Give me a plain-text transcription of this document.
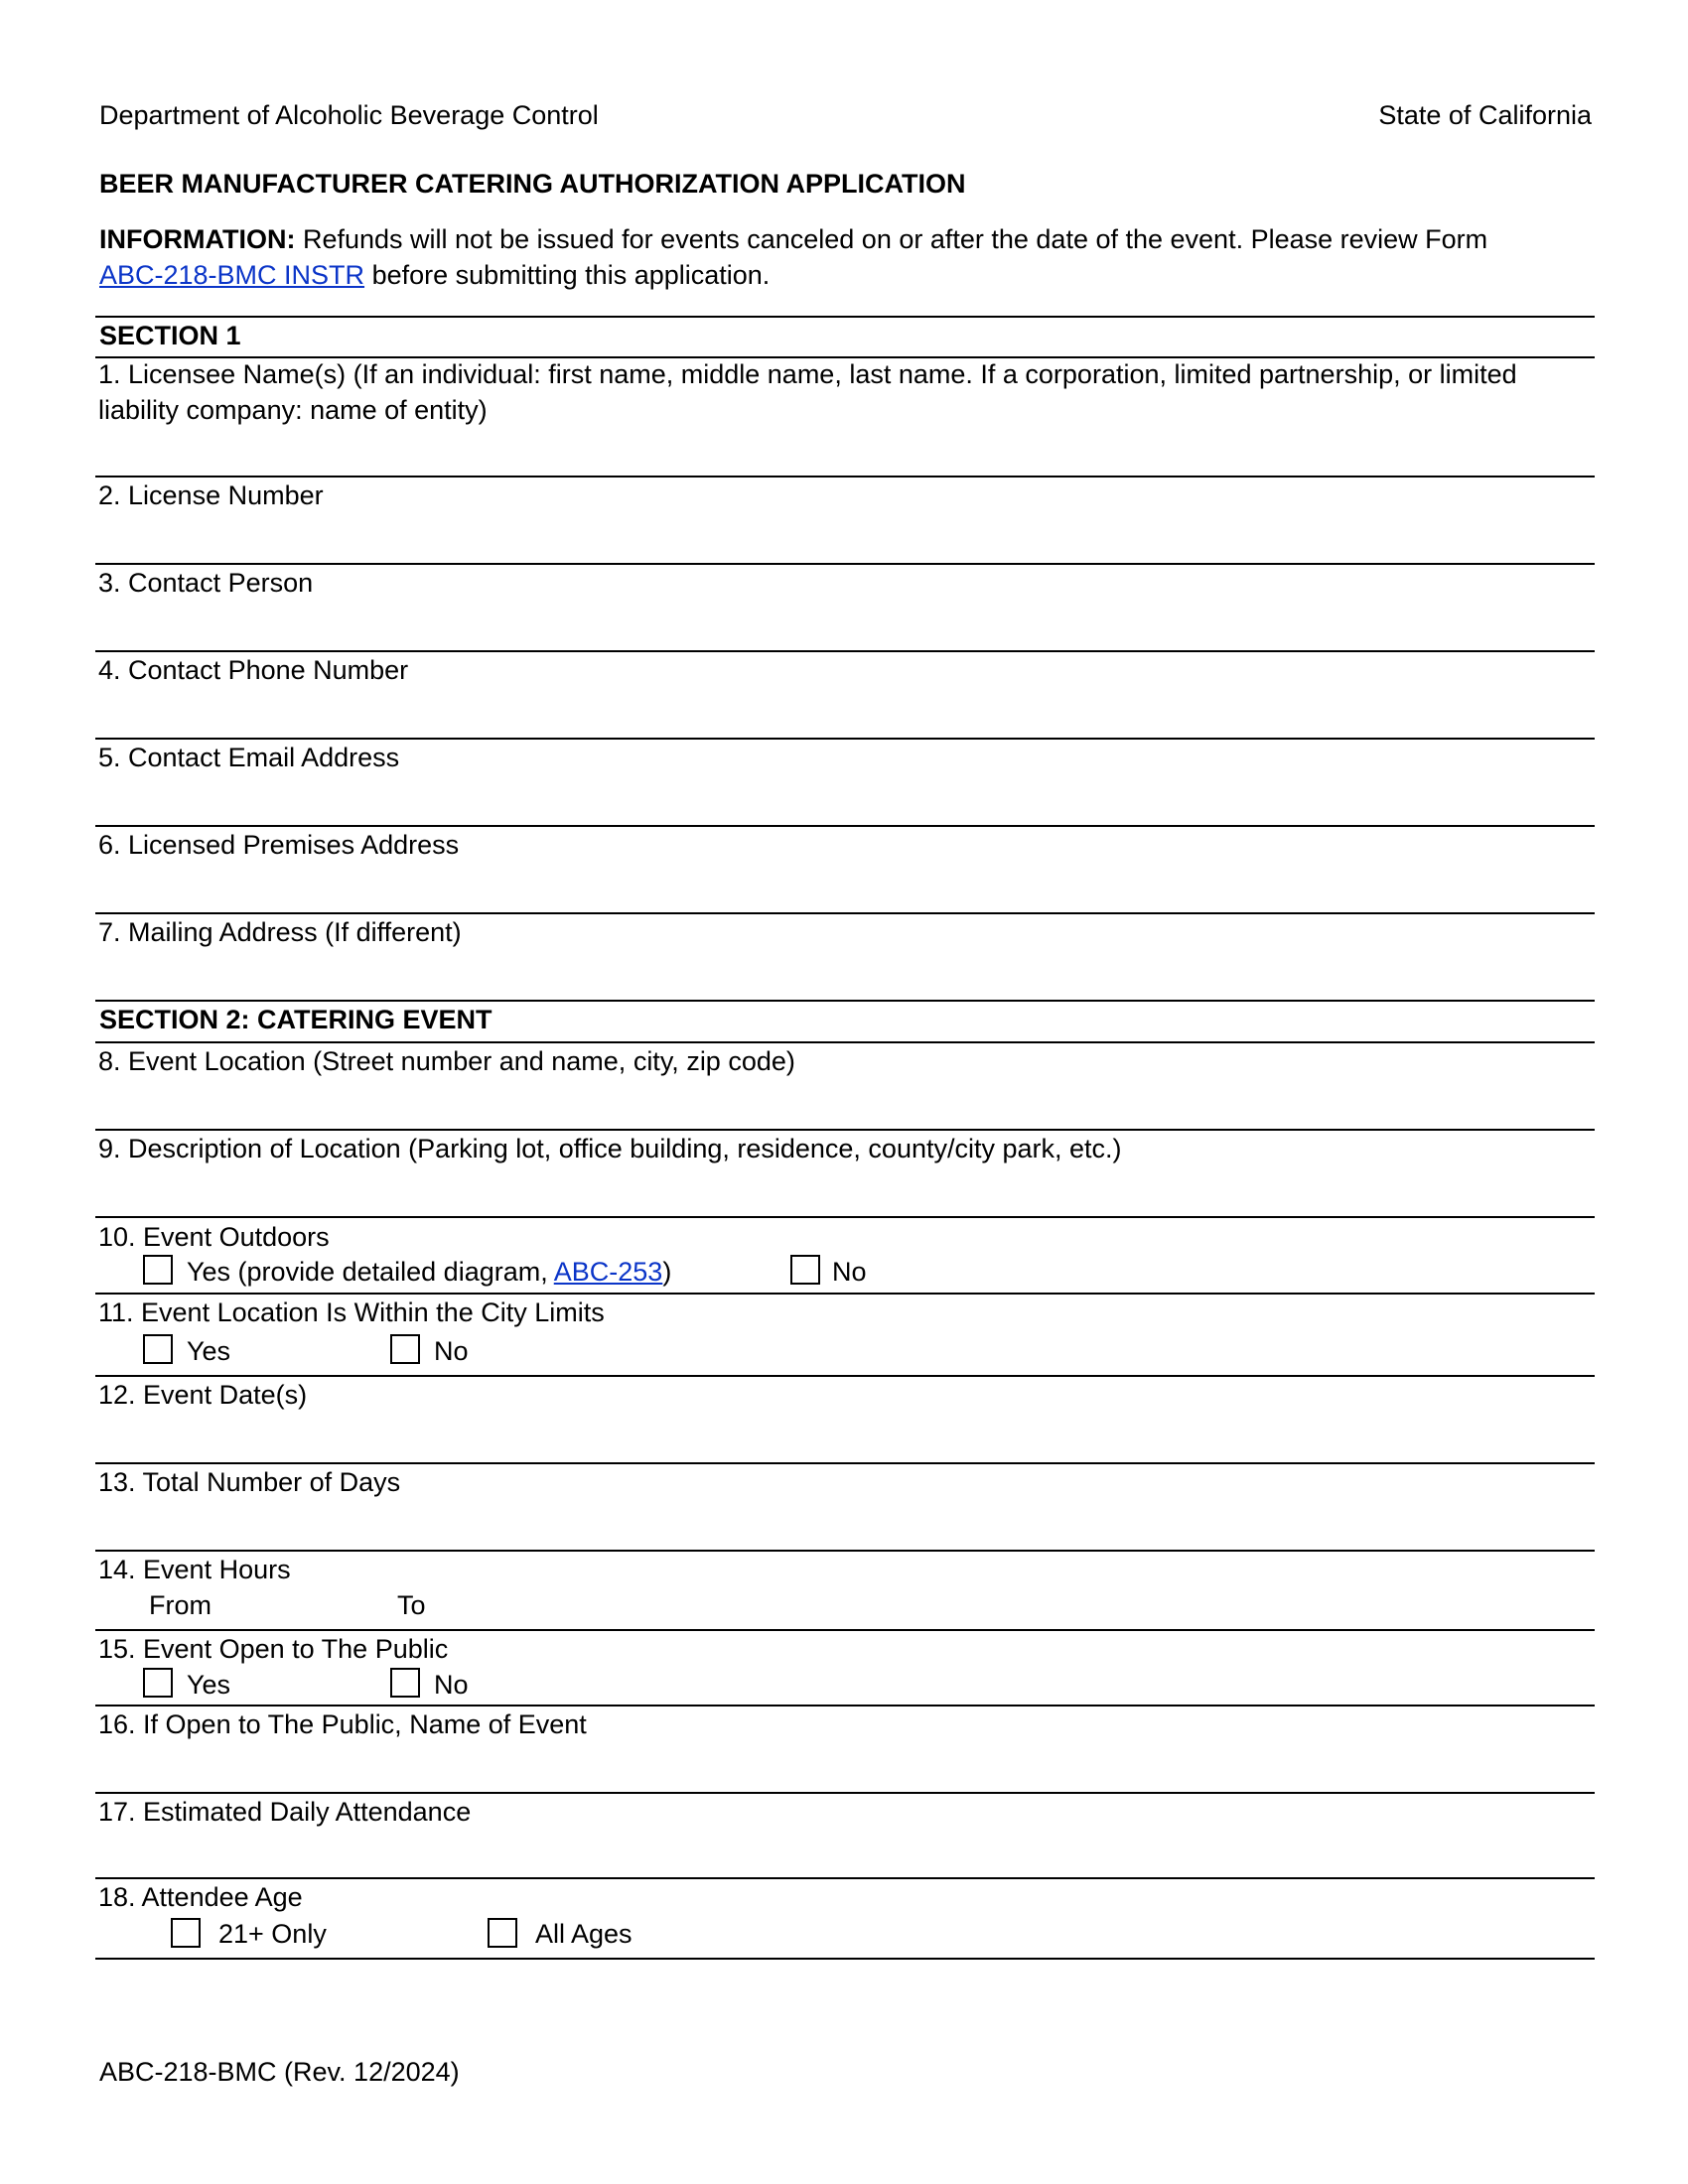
Department of Alcoholic Beverage Control	State of California
BEER MANUFACTURER CATERING AUTHORIZATION APPLICATION
INFORMATION: Refunds will not be issued for events canceled on or after the date of the event. Please review Form
ABC-218-BMC INSTR before submitting this application.
SECTION 1
1. Licensee Name(s) (If an individual: first name, middle name, last name. If a corporation, limited partnership, or limited
liability company: name of entity)
2. License Number
3. Contact Person
4. Contact Phone Number
5. Contact Email Address
6. Licensed Premises Address
7. Mailing Address (If different)
SECTION 2: CATERING EVENT
8. Event Location (Street number and name, city, zip code)
9. Description of Location (Parking lot, office building, residence, county/city park, etc.)
10. Event Outdoors
Yes (provide detailed diagram, ABC-253)	No
11. Event Location Is Within the City Limits
Yes	No
12. Event Date(s)
13. Total Number of Days
14. Event Hours
From	To
15. Event Open to The Public
Yes	No
16. If Open to The Public, Name of Event
17. Estimated Daily Attendance
18. Attendee Age
21+ Only	All Ages
ABC-218-BMC (Rev. 12/2024)
